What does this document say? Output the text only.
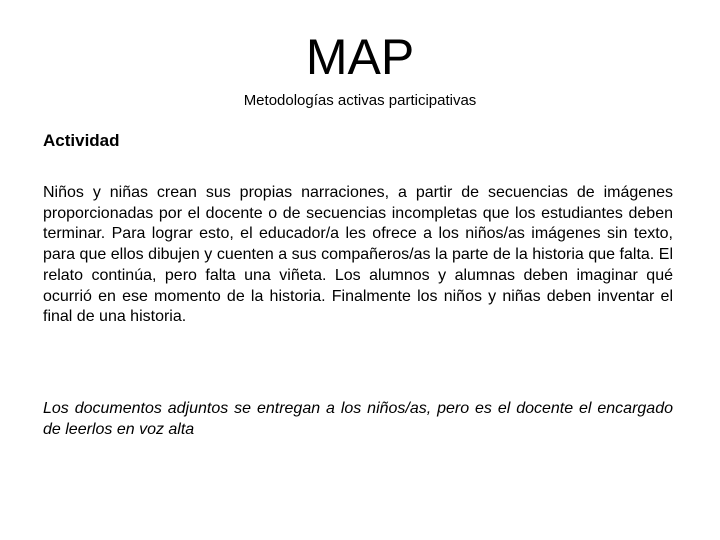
MAP

Metodologías activas participativas

Actividad

Niños y niñas crean sus propias narraciones, a partir de secuencias de imágenes proporcionadas por el docente o de secuencias incompletas que los estudiantes deben terminar. Para lograr esto, el educador/a les ofrece a los niños/as imágenes sin texto, para que ellos dibujen y cuenten a sus compañeros/as la parte de la historia que falta. El relato continúa, pero falta una viñeta. Los alumnos y alumnas deben imaginar qué ocurrió en ese momento de la historia. Finalmente los niños y niñas deben inventar el final de una historia.

Los documentos adjuntos se entregan a los niños/as, pero es el docente el encargado de leerlos en voz alta
